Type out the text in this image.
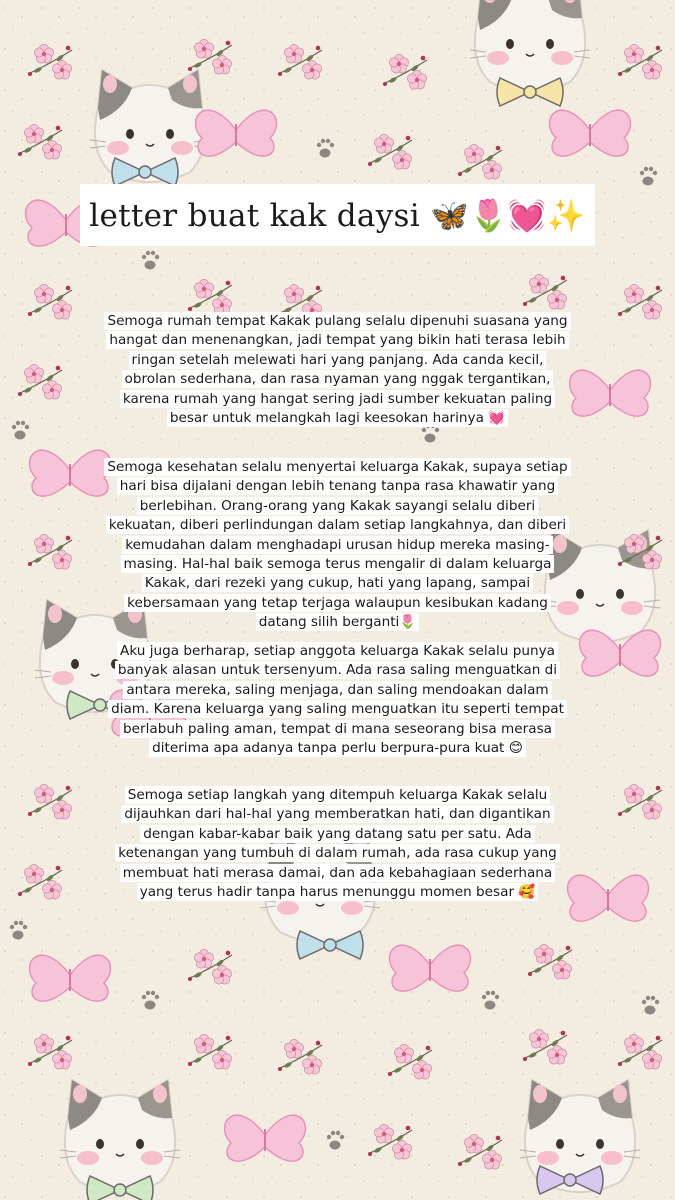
letter buat kak daysi 🦋🌷💓✨
Semoga rumah tempat Kakak pulang selalu dipenuhi suasana yang hangat dan menenangkan, jadi tempat yang bikin hati terasa lebih ringan setelah melewati hari yang panjang. Ada canda kecil, obrolan sederhana, dan rasa nyaman yang nggak tergantikan, karena rumah yang hangat sering jadi sumber kekuatan paling besar untuk melangkah lagi keesokan harinya 💓
Semoga kesehatan selalu menyertai keluarga Kakak, supaya setiap hari bisa dijalani dengan lebih tenang tanpa rasa khawatir yang berlebihan. Orang-orang yang Kakak sayangi selalu diberi kekuatan, diberi perlindungan dalam setiap langkahnya, dan diberi kemudahan dalam menghadapi urusan hidup mereka masing-masing. Hal-hal baik semoga terus mengalir di dalam keluarga Kakak, dari rezeki yang cukup, hati yang lapang, sampai kebersamaan yang tetap terjaga walaupun kesibukan kadang datang silih berganti🌷
Aku juga berharap, setiap anggota keluarga Kakak selalu punya banyak alasan untuk tersenyum. Ada rasa saling menguatkan di antara mereka, saling menjaga, dan saling mendoakan dalam diam. Karena keluarga yang saling menguatkan itu seperti tempat berlabuh paling aman, tempat di mana seseorang bisa merasa diterima apa adanya tanpa perlu berpura-pura kuat 😊
Semoga setiap langkah yang ditempuh keluarga Kakak selalu dijauhkan dari hal-hal yang memberatkan hati, dan digantikan dengan kabar-kabar baik yang datang satu per satu. Ada ketenangan yang tumbuh di dalam rumah, ada rasa cukup yang membuat hati merasa damai, dan ada kebahagiaan sederhana yang terus hadir tanpa harus menunggu momen besar 🥰
